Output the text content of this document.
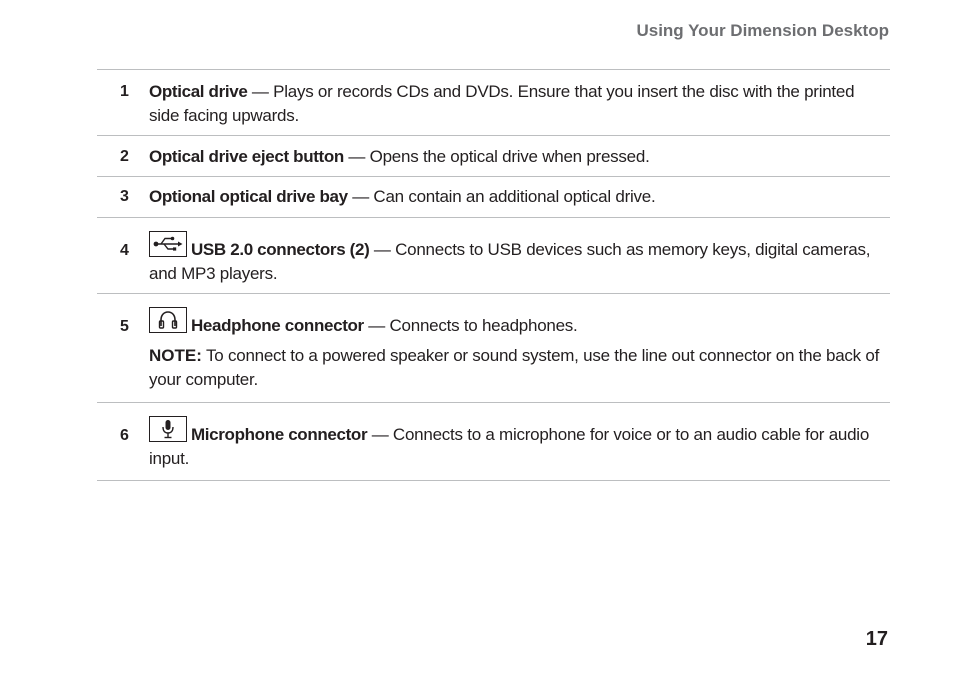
Using Your Dimension Desktop
1 Optical drive — Plays or records CDs and DVDs. Ensure that you insert the disc with the printed side facing upwards.
2 Optical drive eject button — Opens the optical drive when pressed.
3 Optional optical drive bay — Can contain an additional optical drive.
4	USB 2.0 connectors (2) — Connects to USB devices such as memory keys, digital cameras, and MP3 players.
5	Headphone connector — Connects to headphones.
NOTE: To connect to a powered speaker or sound system, use the line out connector on the back of your computer.
6	Microphone connector — Connects to a microphone for voice or to an audio cable for audio input.
17
